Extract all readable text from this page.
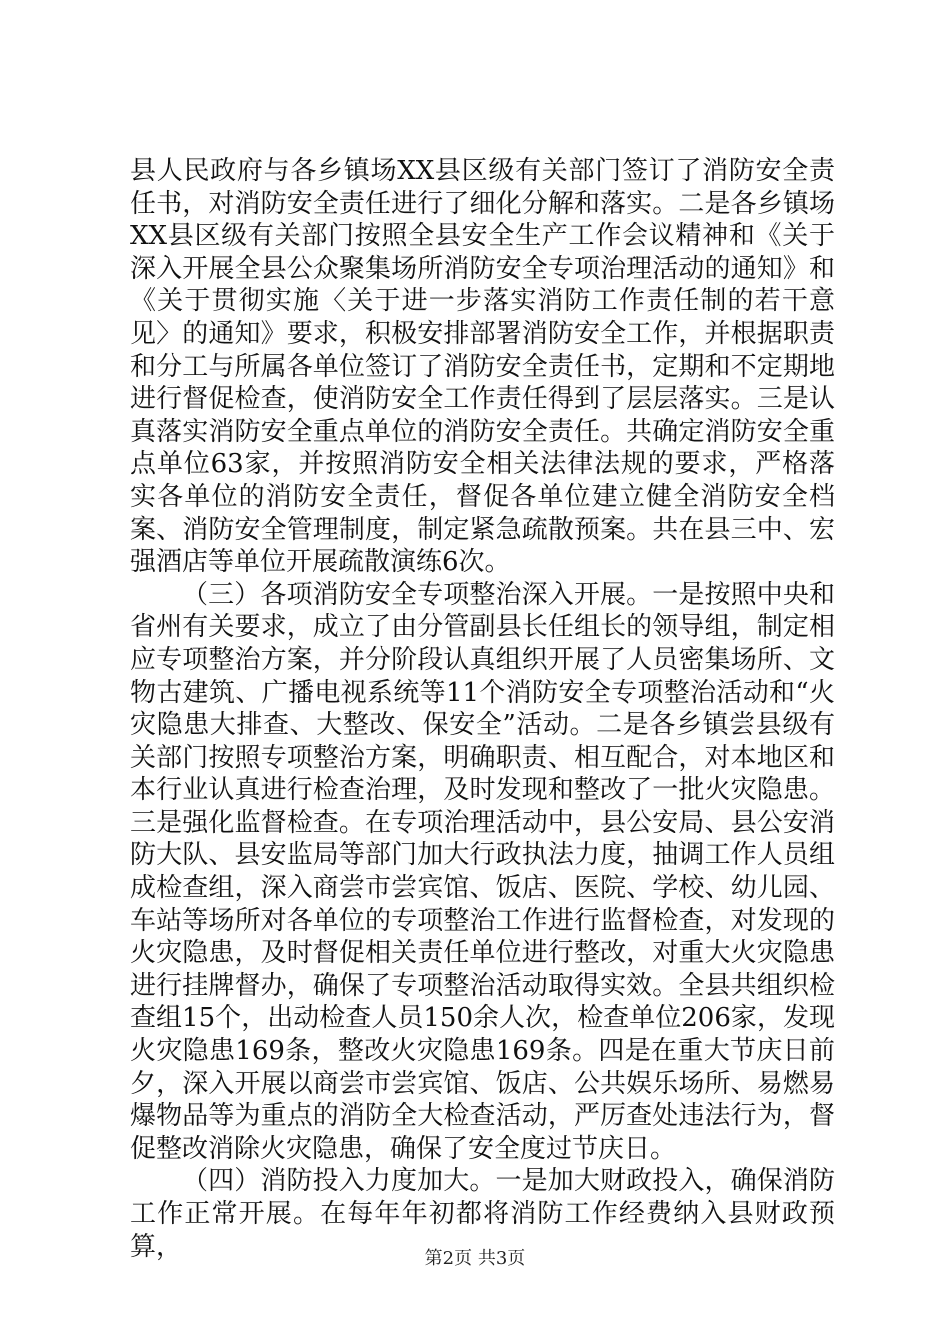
县人民政府与各乡镇场XX县区级有关部门签订了消防安全责任书，对消防安全责任进行了细化分解和落实。二是各乡镇场XX县区级有关部门按照全县安全生产工作会议精神和《关于深入开展全县公众聚集场所消防安全专项治理活动的通知》和《关于贯彻实施〈关于进一步落实消防工作责任制的若干意见〉的通知》要求，积极安排部署消防安全工作，并根据职责和分工与所属各单位签订了消防安全责任书，定期和不定期地进行督促检查，使消防安全工作责任得到了层层落实。三是认真落实消防安全重点单位的消防安全责任。共确定消防安全重点单位63家，并按照消防安全相关法律法规的要求，严格落实各单位的消防安全责任，督促各单位建立健全消防安全档案、消防安全管理制度，制定紧急疏散预案。共在县三中、宏强酒店等单位开展疏散演练6次。

（三）各项消防安全专项整治深入开展。一是按照中央和省州有关要求，成立了由分管副县长任组长的领导组，制定相应专项整治方案，并分阶段认真组织开展了人员密集场所、文物古建筑、广播电视系统等11个消防安全专项整治活动和“火灾隐患大排查、大整改、保安全”活动。二是各乡镇尝县级有关部门按照专项整治方案，明确职责、相互配合，对本地区和本行业认真进行检查治理，及时发现和整改了一批火灾隐患。三是强化监督检查。在专项治理活动中，县公安局、县公安消防大队、县安监局等部门加大行政执法力度，抽调工作人员组成检查组，深入商尝市尝宾馆、饭店、医院、学校、幼儿园、车站等场所对各单位的专项整治工作进行监督检查，对发现的火灾隐患，及时督促相关责任单位进行整改，对重大火灾隐患进行挂牌督办，确保了专项整治活动取得实效。全县共组织检查组15个，出动检查人员150余人次，检查单位206家，发现火灾隐患169条，整改火灾隐患169条。四是在重大节庆日前夕，深入开展以商尝市尝宾馆、饭店、公共娱乐场所、易燃易爆物品等为重点的消防全大检查活动，严厉查处违法行为，督促整改消除火灾隐患，确保了安全度过节庆日。

（四）消防投入力度加大。一是加大财政投入，确保消防工作正常开展。在每年年初都将消防工作经费纳入县财政预算，	第2页 共3页
